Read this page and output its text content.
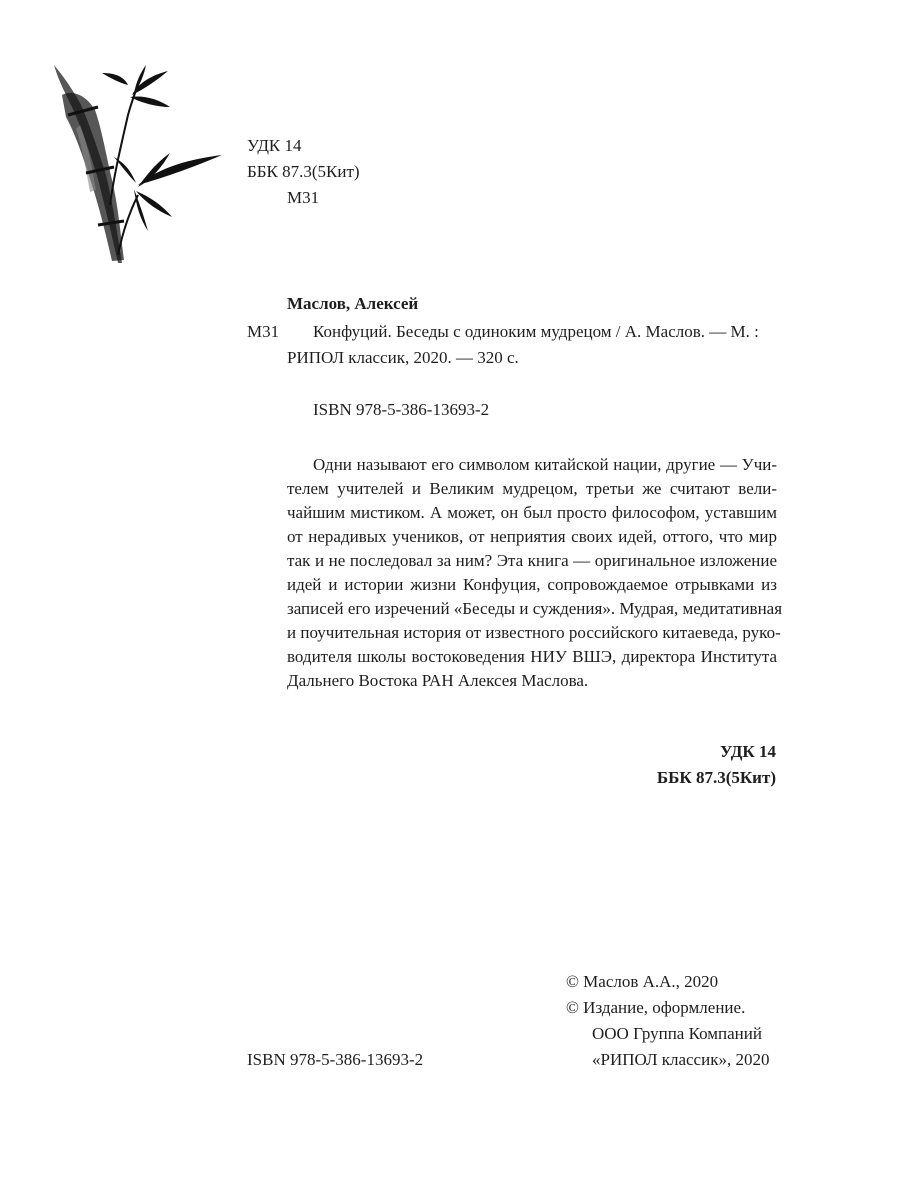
УДК 14
ББК 87.3(5Кит)
М31
Маслов, Алексей
М31 Конфуций. Беседы с одиноким мудрецом / А. Маслов. — М. :
РИПОЛ классик, 2020. — 320 с.
ISBN 978-5-386-13693-2
Одни называют его символом китайской нации, другие — Учи-
телем учителей и Великим мудрецом, третьи же считают вели-
чайшим мистиком. А может, он был просто философом, уставшим
от нерадивых учеников, от неприятия своих идей, оттого, что мир
так и не последовал за ним? Эта книга — оригинальное изложение
идей и истории жизни Конфуция, сопровождаемое отрывками из
записей его изречений «Беседы и суждения». Мудрая, медитативная
и поучительная история от известного российского китаеведа, руко-
водителя школы востоковедения НИУ ВШЭ, директора Института
Дальнего Востока РАН Алексея Маслова.
УДК 14
ББК 87.3(5Кит)
© Маслов А.А., 2020
© Издание, оформление.
ООО Группа Компаний
«РИПОЛ классик», 2020
ISBN 978-5-386-13693-2
